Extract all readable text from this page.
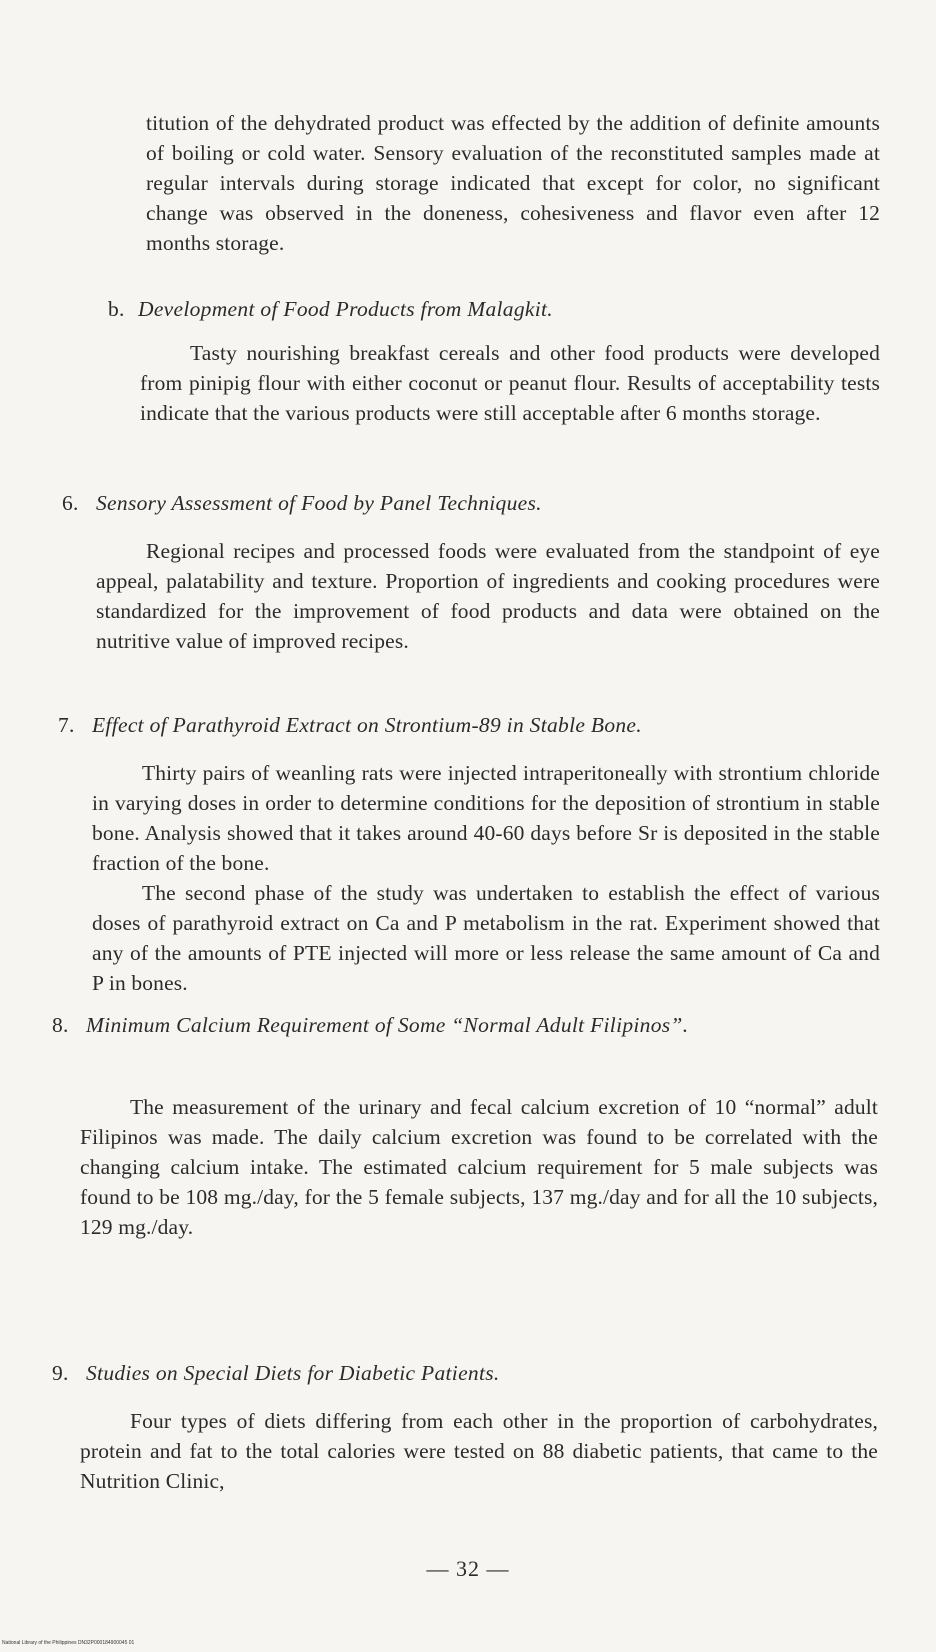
titution of the dehydrated product was effected by the addition of definite amounts of boiling or cold water. Sensory evaluation of the reconstituted samples made at regular intervals during storage indicated that except for color, no significant change was observed in the doneness, cohesiveness and flavor even after 12 months storage.

b. Development of Food Products from Malagkit.

Tasty nourishing breakfast cereals and other food products were developed from pinipig flour with either coconut or peanut flour. Results of acceptability tests indicate that the various products were still acceptable after 6 months storage.

6. Sensory Assessment of Food by Panel Techniques.

Regional recipes and processed foods were evaluated from the standpoint of eye appeal, palatability and texture. Proportion of ingredients and cooking procedures were standardized for the improvement of food products and data were obtained on the nutritive value of improved recipes.

7. Effect of Parathyroid Extract on Strontium-89 in Stable Bone.

Thirty pairs of weanling rats were injected intraperitoneally with strontium chloride in varying doses in order to determine conditions for the deposition of strontium in stable bone. Analysis showed that it takes around 40-60 days before Sr is deposited in the stable fraction of the bone.

The second phase of the study was undertaken to establish the effect of various doses of parathyroid extract on Ca and P metabolism in the rat. Experiment showed that any of the amounts of PTE injected will more or less release the same amount of Ca and P in bones.

8. Minimum Calcium Requirement of Some “Normal Adult Filipinos”.

The measurement of the urinary and fecal calcium excretion of 10 “normal” adult Filipinos was made. The daily calcium excretion was found to be correlated with the changing calcium intake. The estimated calcium requirement for 5 male subjects was found to be 108 mg./day, for the 5 female subjects, 137 mg./day and for all the 10 subjects, 129 mg./day.

9. Studies on Special Diets for Diabetic Patients.

Four types of diets differing from each other in the proportion of carbohydrates, protein and fat to the total calories were tested on 88 diabetic patients, that came to the Nutrition Clinic,

— 32 —
National Library of the Philippines DN32P000184900045 01
